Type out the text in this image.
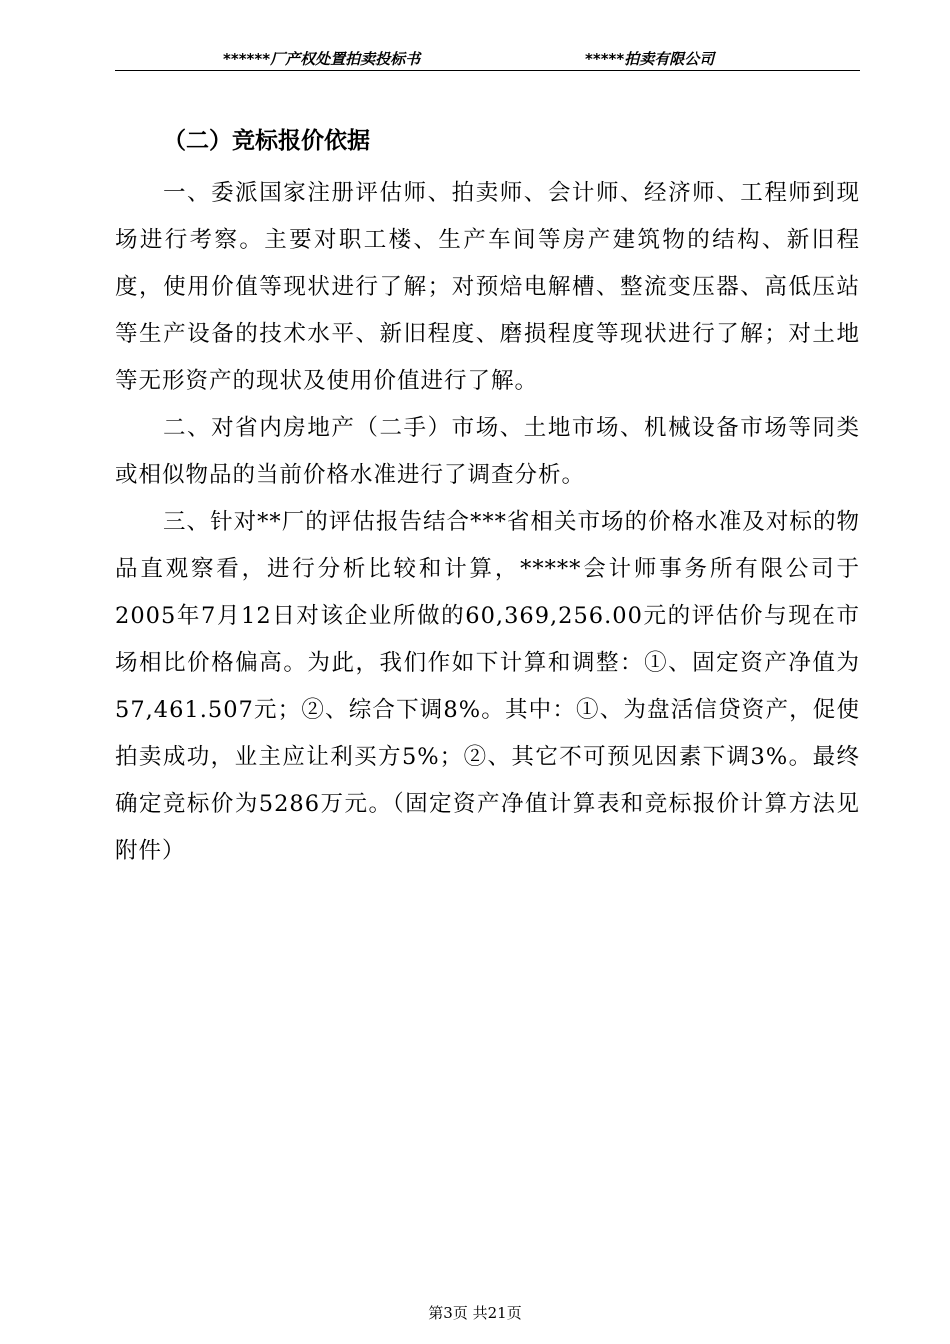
******厂产权处置拍卖投标书	*****拍卖有限公司
（二）竞标报价依据

一、委派国家注册评估师、拍卖师、会计师、经济师、工程师到现场进行考察。主要对职工楼、生产车间等房产建筑物的结构、新旧程度，使用价值等现状进行了解；对预焙电解槽、整流变压器、高低压站等生产设备的技术水平、新旧程度、磨损程度等现状进行了解；对土地等无形资产的现状及使用价值进行了解。

二、对省内房地产（二手）市场、土地市场、机械设备市场等同类或相似物品的当前价格水准进行了调查分析。

三、针对**厂的评估报告结合***省相关市场的价格水准及对标的物品直观察看，进行分析比较和计算，*****会计师事务所有限公司于2005年7月12日对该企业所做的60,369,256.00元的评估价与现在市场相比价格偏高。为此，我们作如下计算和调整：①、固定资产净值为57,461.507元；②、综合下调8%。其中：①、为盘活信贷资产，促使拍卖成功，业主应让利买方5%；②、其它不可预见因素下调3%。最终确定竞标价为5286万元。（固定资产净值计算表和竞标报价计算方法见附件）

第3页 共21页
